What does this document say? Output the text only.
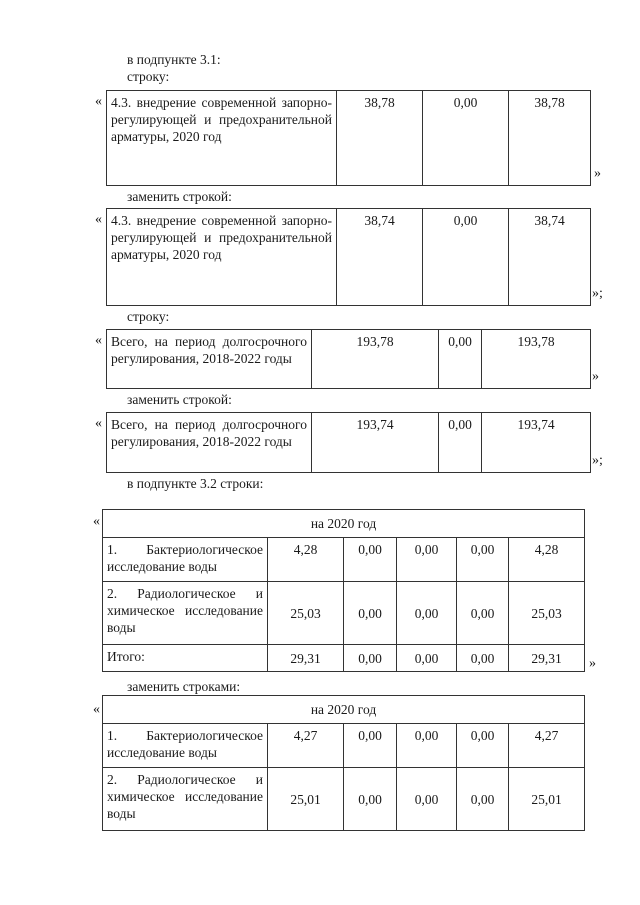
в подпункте 3.1:
строку:
« 4.3. внедрение современной запорно-регулирующей и предохранительной арматуры, 2020 год	38,78	0,00	38,78
»
заменить строкой:
« 4.3. внедрение современной запорно-регулирующей и предохранительной арматуры, 2020 год	38,74	0,00	38,74
»;
строку:
« Всего, на период долгосрочного регулирования, 2018-2022 годы	193,78	0,00	193,78
»
заменить строкой:
« Всего, на период долгосрочного регулирования, 2018-2022 годы	193,74	0,00	193,74
»;
в подпункте 3.2 строки:
«	на 2020 год					
1. Бактериологическое исследование воды	4,28	0,00	0,00	0,00	4,28
2. Радиологическое и химическое исследование воды	25,03	0,00	0,00	0,00	25,03
Итого:	29,31	0,00	0,00	0,00	29,31 »
заменить строками:
«	на 2020 год					
1. Бактериологическое исследование воды	4,27	0,00	0,00	0,00	4,27
2. Радиологическое и химическое исследование воды	25,01	0,00	0,00	0,00	25,01
